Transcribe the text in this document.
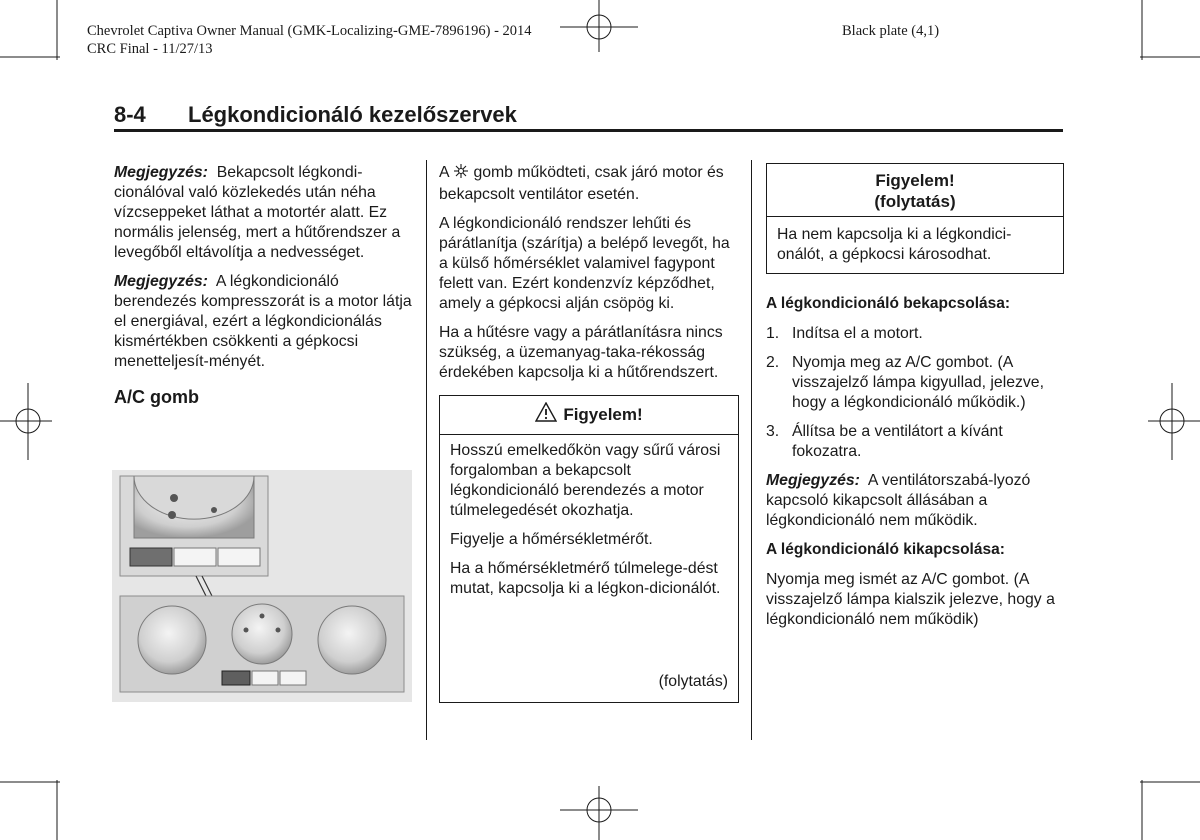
Chevrolet Captiva Owner Manual (GMK-Localizing-GME-7896196) - 2014
CRC Final - 11/27/13
Black plate (4,1)
8-4 Légkondicionáló kezelőszervek

Megjegyzés: Bekapcsolt légkondi-cionálóval való közlekedés után néha vízcseppeket láthat a motortér alatt. Ez normális jelenség, mert a hűtőrendszer a levegőből eltávolítja a nedvességet.

Megjegyzés: A légkondicionáló berendezés kompresszorát is a motor látja el energiával, ezért a légkondicionálás kismértékben csökkenti a gépkocsi menetteljesít-ményét.

A/C gomb

A gomb működteti, csak járó motor és bekapcsolt ventilátor esetén.

A légkondicionáló rendszer lehűti és párátlanítja (szárítja) a belépő levegőt, ha a külső hőmérséklet valamivel fagypont felett van. Ezért kondenzvíz képződhet, amely a gépkocsi alján csöpög ki.

Ha a hűtésre vagy a párátlanításra nincs szükség, a üzemanyag-taka-rékosság érdekében kapcsolja ki a hűtőrendszert.

Figyelem!

Hosszú emelkedőkön vagy sűrű városi forgalomban a bekapcsolt légkondicionáló berendezés a motor túlmelegedését okozhatja.

Figyelje a hőmérsékletmérőt.

Ha a hőmérsékletmérő túlmelege-dést mutat, kapcsolja ki a légkon-dicionálót.

(folytatás)
Figyelem!
(folytatás)
Ha nem kapcsolja ki a légkondici-onálót, a gépkocsi károsodhat.
A légkondicionáló bekapcsolása:
1. Indítsa el a motort.
2. Nyomja meg az A/C gombot. (A visszajelző lámpa kigyullad, jelezve, hogy a légkondicionáló működik.)
3. Állítsa be a ventilátort a kívánt fokozatra.

Megjegyzés: A ventilátorszabá-lyozó kapcsoló kikapcsolt állásában a légkondicionáló nem működik.

A légkondicionáló kikapcsolása:

Nyomja meg ismét az A/C gombot. (A visszajelző lámpa kialszik jelezve, hogy a légkondicionáló nem működik)
